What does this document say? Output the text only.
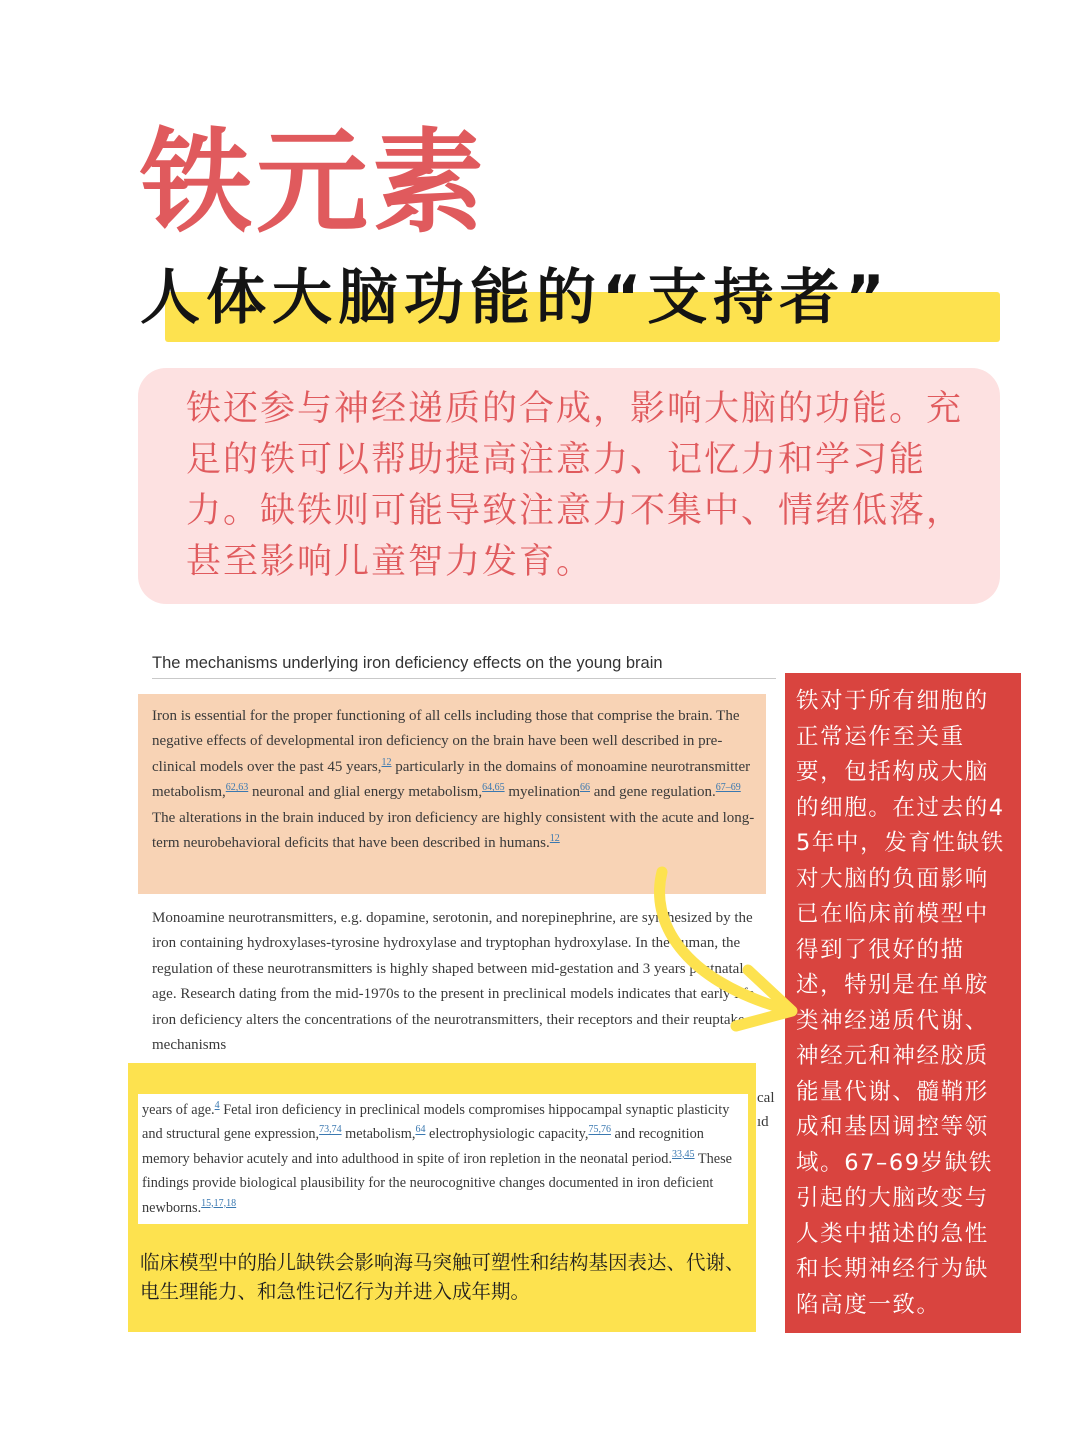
铁元素
人体大脑功能的“支持者”

铁还参与神经递质的合成，影响大脑的功能。充足的铁可以帮助提高注意力、记忆力和学习能力。缺铁则可能导致注意力不集中、情绪低落，甚至影响儿童智力发育。

The mechanisms underlying iron deficiency effects on the young brain

Iron is essential for the proper functioning of all cells including those that comprise the brain. The negative effects of developmental iron deficiency on the brain have been well described in pre-clinical models over the past 45 years,$^{12}$ particularly in the domains of monoamine neurotransmitter metabolism,$^{62,63}$ neuronal and glial energy metabolism,$^{64,65}$ myelination$^{66}$ and gene regulation.$^{67-69}$ The alterations in the brain induced by iron deficiency are highly consistent with the acute and long-term neurobehavioral deficits that have been described in humans.$^{12}$

Monoamine neurotransmitters, e.g. dopamine, serotonin, and norepinephrine, are synthesized by the iron containing hydroxylases-tyrosine hydroxylase and tryptophan hydroxylase. In the human, the regulation of these neurotransmitters is highly shaped between mid-gestation and 3 years postnatal age. Research dating from the mid-1970s to the present in preclinical models indicates that early life iron deficiency alters the concentrations of the neurotransmitters, their receptors and their reuptake mechanisms

cal
ıd

years of age.$^4$ Fetal iron deficiency in preclinical models compromises hippocampal synaptic plasticity and structural gene expression,$^{73,74}$ metabolism,$^{64}$ electrophysiologic capacity,$^{75,76}$ and recognition memory behavior acutely and into adulthood in spite of iron repletion in the neonatal period.$^{33,45}$ These findings provide biological plausibility for the neurocognitive changes documented in iron deficient newborns.$^{15,17,18}$

临床模型中的胎儿缺铁会影响海马突触可塑性和结构基因表达、代谢、电生理能力、和急性记忆行为并进入成年期。

铁对于所有细胞的正常运作至关重要，包括构成大脑的细胞。在过去的45年中，发育性缺铁对大脑的负面影响已在临床前模型中得到了很好的描述，特别是在单胺类神经递质代谢、神经元和神经胶质能量代谢、髓鞘形成和基因调控等领域。67–69岁缺铁引起的大脑改变与人类中描述的急性和长期神经行为缺陷高度一致。
